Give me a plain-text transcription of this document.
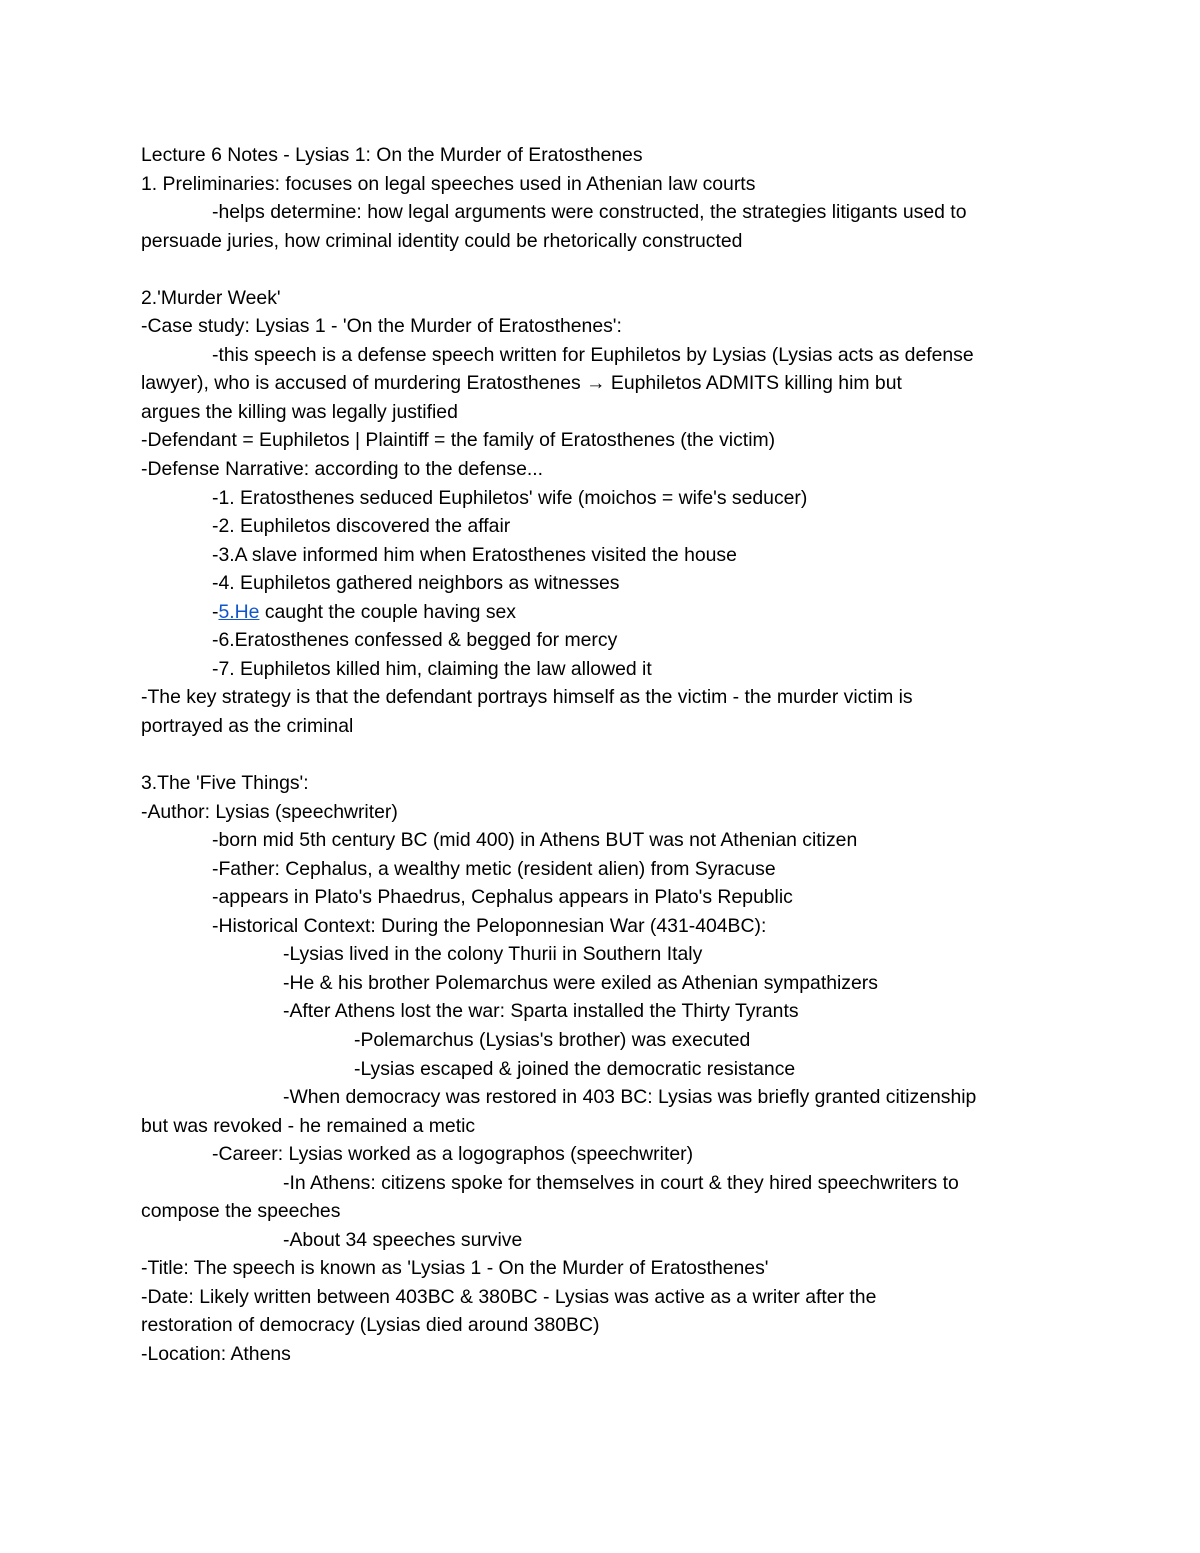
Lecture 6 Notes - Lysias 1: On the Murder of Eratosthenes
1. Preliminaries: focuses on legal speeches used in Athenian law courts
-helps determine: how legal arguments were constructed, the strategies litigants used to
persuade juries, how criminal identity could be rhetorically constructed
2.'Murder Week'
-Case study: Lysias 1 - 'On the Murder of Eratosthenes':
-this speech is a defense speech written for Euphiletos by Lysias (Lysias acts as defense
lawyer), who is accused of murdering Eratosthenes → Euphiletos ADMITS killing him but
argues the killing was legally justified
-Defendant = Euphiletos | Plaintiff = the family of Eratosthenes (the victim)
-Defense Narrative: according to the defense...
-1. Eratosthenes seduced Euphiletos' wife (moichos = wife's seducer)
-2. Euphiletos discovered the affair
-3.A slave informed him when Eratosthenes visited the house
-4. Euphiletos gathered neighbors as witnesses
-5.He caught the couple having sex
-6.Eratosthenes confessed & begged for mercy
-7. Euphiletos killed him, claiming the law allowed it
-The key strategy is that the defendant portrays himself as the victim - the murder victim is
portrayed as the criminal
3.The 'Five Things':
-Author: Lysias (speechwriter)
-born mid 5th century BC (mid 400) in Athens BUT was not Athenian citizen
-Father: Cephalus, a wealthy metic (resident alien) from Syracuse
-appears in Plato's Phaedrus, Cephalus appears in Plato's Republic
-Historical Context: During the Peloponnesian War (431-404BC):
-Lysias lived in the colony Thurii in Southern Italy
-He & his brother Polemarchus were exiled as Athenian sympathizers
-After Athens lost the war: Sparta installed the Thirty Tyrants
-Polemarchus (Lysias's brother) was executed
-Lysias escaped & joined the democratic resistance
-When democracy was restored in 403 BC: Lysias was briefly granted citizenship
but was revoked - he remained a metic
-Career: Lysias worked as a logographos (speechwriter)
-In Athens: citizens spoke for themselves in court & they hired speechwriters to
compose the speeches
-About 34 speeches survive
-Title: The speech is known as 'Lysias 1 - On the Murder of Eratosthenes'
-Date: Likely written between 403BC & 380BC - Lysias was active as a writer after the
restoration of democracy (Lysias died around 380BC)
-Location: Athens
